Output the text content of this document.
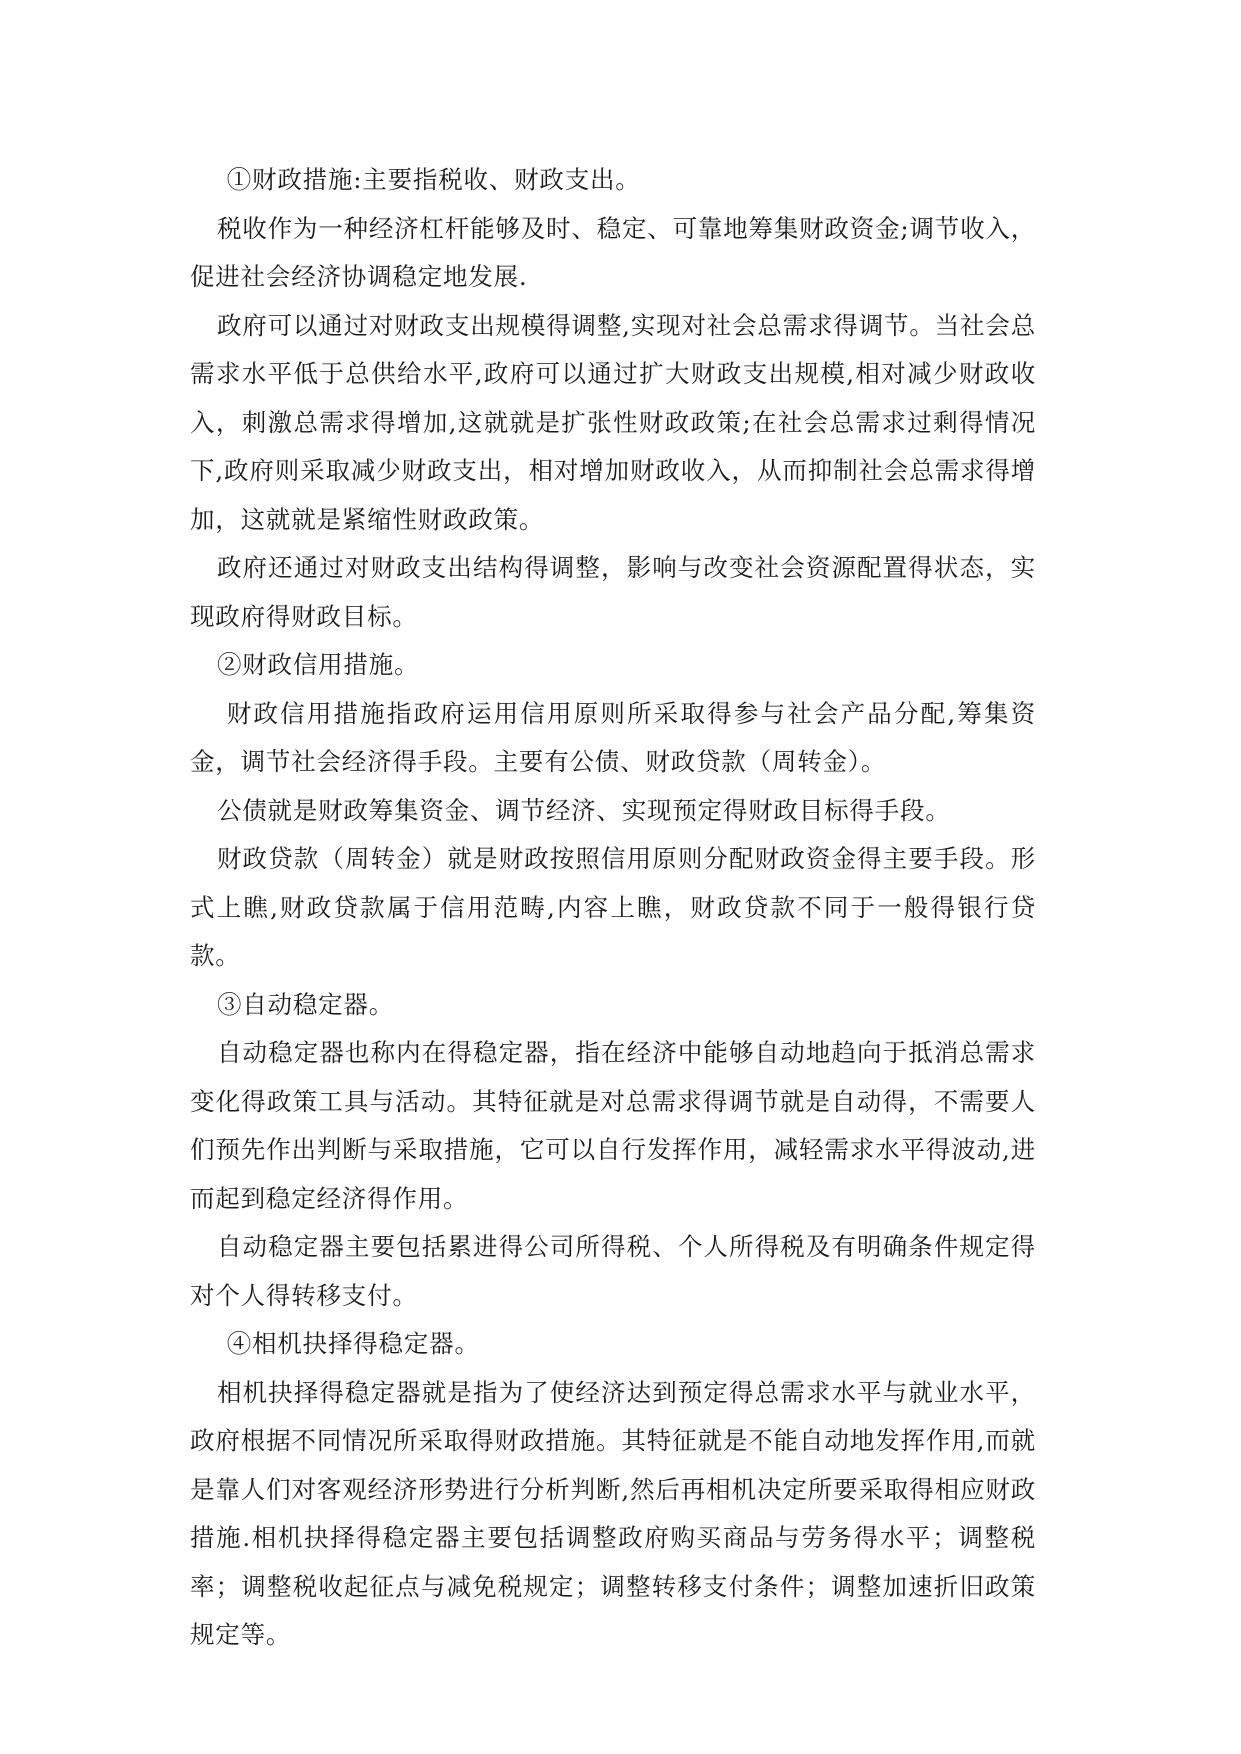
①财政措施:主要指税收、财政支出。

税收作为一种经济杠杆能够及时、稳定、可靠地筹集财政资金;调节收入，促进社会经济协调稳定地发展.

政府可以通过对财政支出规模得调整,实现对社会总需求得调节。当社会总需求水平低于总供给水平,政府可以通过扩大财政支出规模,相对减少财政收入，刺激总需求得增加,这就就是扩张性财政政策;在社会总需求过剩得情况下,政府则采取减少财政支出，相对增加财政收入，从而抑制社会总需求得增加，这就就是紧缩性财政政策。

政府还通过对财政支出结构得调整，影响与改变社会资源配置得状态，实现政府得财政目标。

②财政信用措施。

财政信用措施指政府运用信用原则所采取得参与社会产品分配,筹集资金，调节社会经济得手段。主要有公债、财政贷款（周转金）。

公债就是财政筹集资金、调节经济、实现预定得财政目标得手段。

财政贷款（周转金）就是财政按照信用原则分配财政资金得主要手段。形式上瞧,财政贷款属于信用范畴,内容上瞧，财政贷款不同于一般得银行贷款。

③自动稳定器。

自动稳定器也称内在得稳定器，指在经济中能够自动地趋向于抵消总需求变化得政策工具与活动。其特征就是对总需求得调节就是自动得，不需要人们预先作出判断与采取措施，它可以自行发挥作用，减轻需求水平得波动,进而起到稳定经济得作用。

自动稳定器主要包括累进得公司所得税、个人所得税及有明确条件规定得对个人得转移支付。

④相机抉择得稳定器。

相机抉择得稳定器就是指为了使经济达到预定得总需求水平与就业水平，政府根据不同情况所采取得财政措施。其特征就是不能自动地发挥作用,而就是靠人们对客观经济形势进行分析判断,然后再相机决定所要采取得相应财政措施.相机抉择得稳定器主要包括调整政府购买商品与劳务得水平；调整税率；调整税收起征点与减免税规定；调整转移支付条件；调整加速折旧政策规定等。
